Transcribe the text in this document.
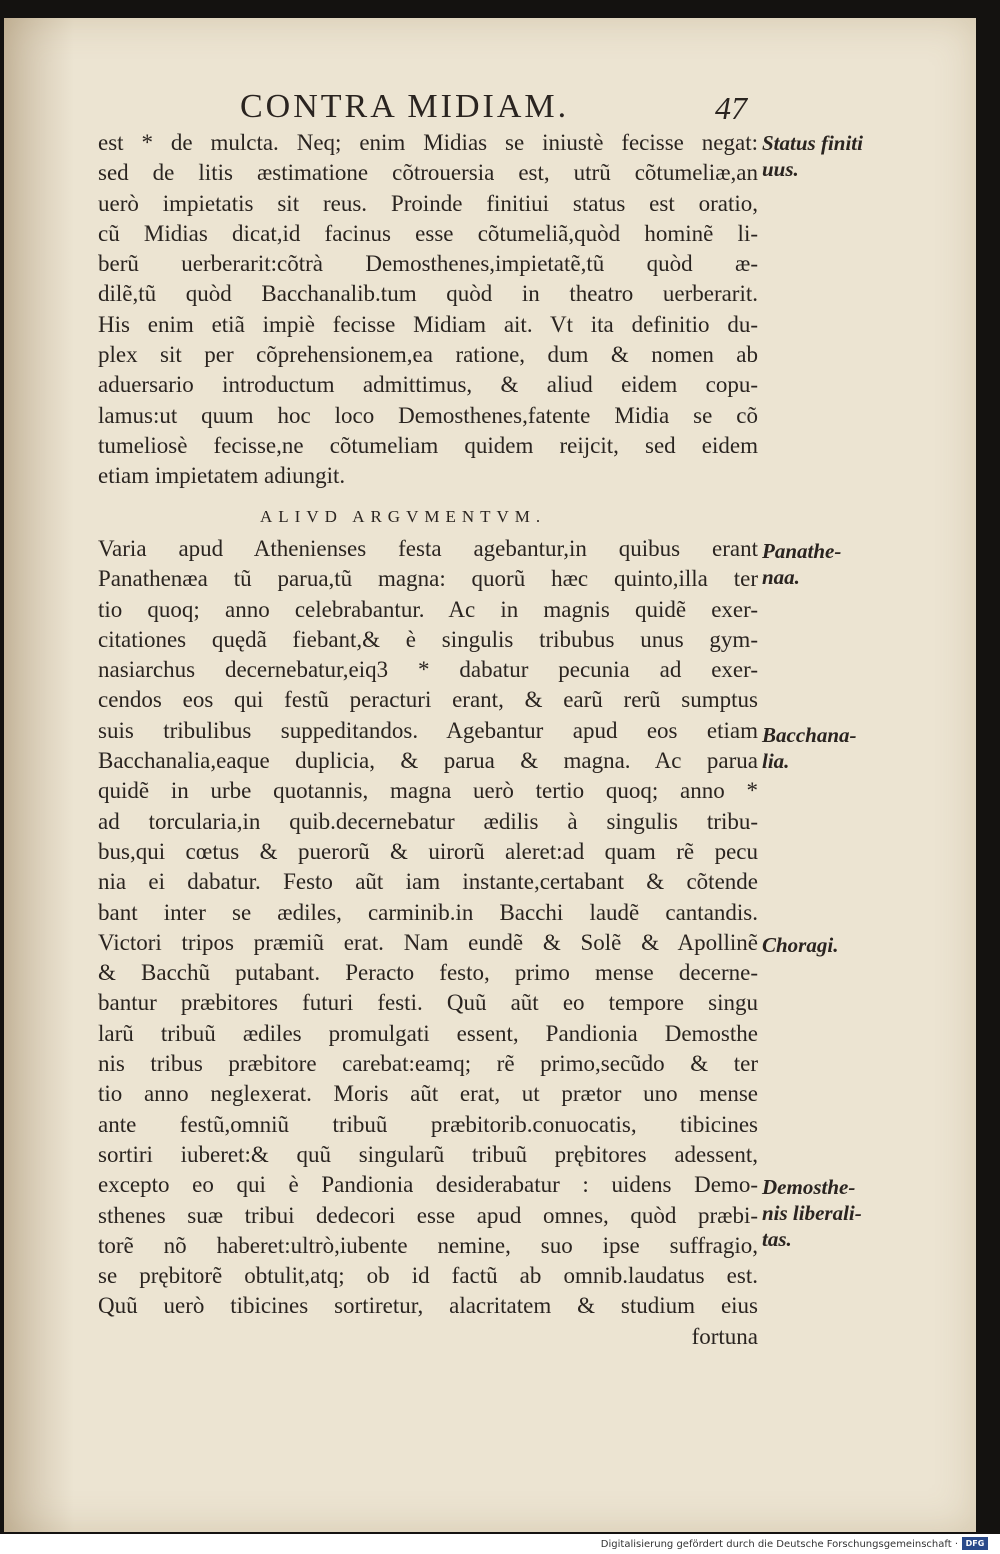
CONTRA MIDIAM.	47
est * de mulcta. Neq; enim Midias se iniustè fecisse negat:
sed de litis æstimatione cõtrouersia est, utrũ cõtumeliæ,an
uerò impietatis sit reus. Proinde finitiui status est oratio,
cũ Midias dicat,id facinus esse cõtumeliã,quòd hominẽ li-
berũ uerberarit:cõtrà Demosthenes,impietatẽ,tũ quòd æ-
dilẽ,tũ quòd Bacchanalib.tum quòd in theatro uerberarit.
His enim etiã impiè fecisse Midiam ait. Vt ita definitio du-
plex sit per cõprehensionem,ea ratione, dum & nomen ab
aduersario introductum admittimus, & aliud eidem copu-
lamus:ut quum hoc loco Demosthenes,fatente Midia se cõ
tumeliosè fecisse,ne cõtumeliam quidem reijcit, sed eidem
etiam impietatem adiungit.
ALIVD ARGVMENTVM.
Varia apud Athenienses festa agebantur,in quibus erant
Panathenæa tũ parua,tũ magna: quorũ hæc quinto,illa ter
tio quoq; anno celebrabantur. Ac in magnis quidẽ exer-
citationes quędã fiebant,& è singulis tribubus unus gym-
nasiarchus decernebatur,eiq3 * dabatur pecunia ad exer-
cendos eos qui festũ peracturi erant, & earũ rerũ sumptus
suis tribulibus suppeditandos. Agebantur apud eos etiam
Bacchanalia,eaque duplicia, & parua & magna. Ac parua
quidẽ in urbe quotannis, magna uerò tertio quoq; anno *
ad torcularia,in quib.decernebatur ædilis à singulis tribu-
bus,qui cœtus & puerorũ & uirorũ aleret:ad quam rẽ pecu
nia ei dabatur. Festo aũt iam instante,certabant & cõtende
bant inter se ædiles, carminib.in Bacchi laudẽ cantandis.
Victori tripos præmiũ erat. Nam eundẽ & Solẽ & Apollinẽ
& Bacchũ putabant. Peracto festo, primo mense decerne-
bantur præbitores futuri festi. Quũ aũt eo tempore singu
larũ tribuũ ædiles promulgati essent, Pandionia Demosthe
nis tribus præbitore carebat:eamq; rẽ primo,secũdo & ter
tio anno neglexerat. Moris aũt erat, ut prætor uno mense
ante festũ,omniũ tribuũ præbitorib.conuocatis, tibicines
sortiri iuberet:& quũ singularũ tribuũ prębitores adessent,
excepto eo qui è Pandionia desiderabatur : uidens Demo-
sthenes suæ tribui dedecori esse apud omnes, quòd præbi-
torẽ nõ haberet:ultrò,iubente nemine, suo ipse suffragio,
se prębitorẽ obtulit,atq; ob id factũ ab omnib.laudatus est.
Quũ uerò tibicines sortiretur, alacritatem & studium eius
fortuna
Status finiti
uus.
Panathe-
naa.
Bacchana-
lia.
Choragi.
Demosthe-
nis liberali-
tas.
Digitalisierung gefördert durch die Deutsche Forschungsgemeinschaft · DFG
